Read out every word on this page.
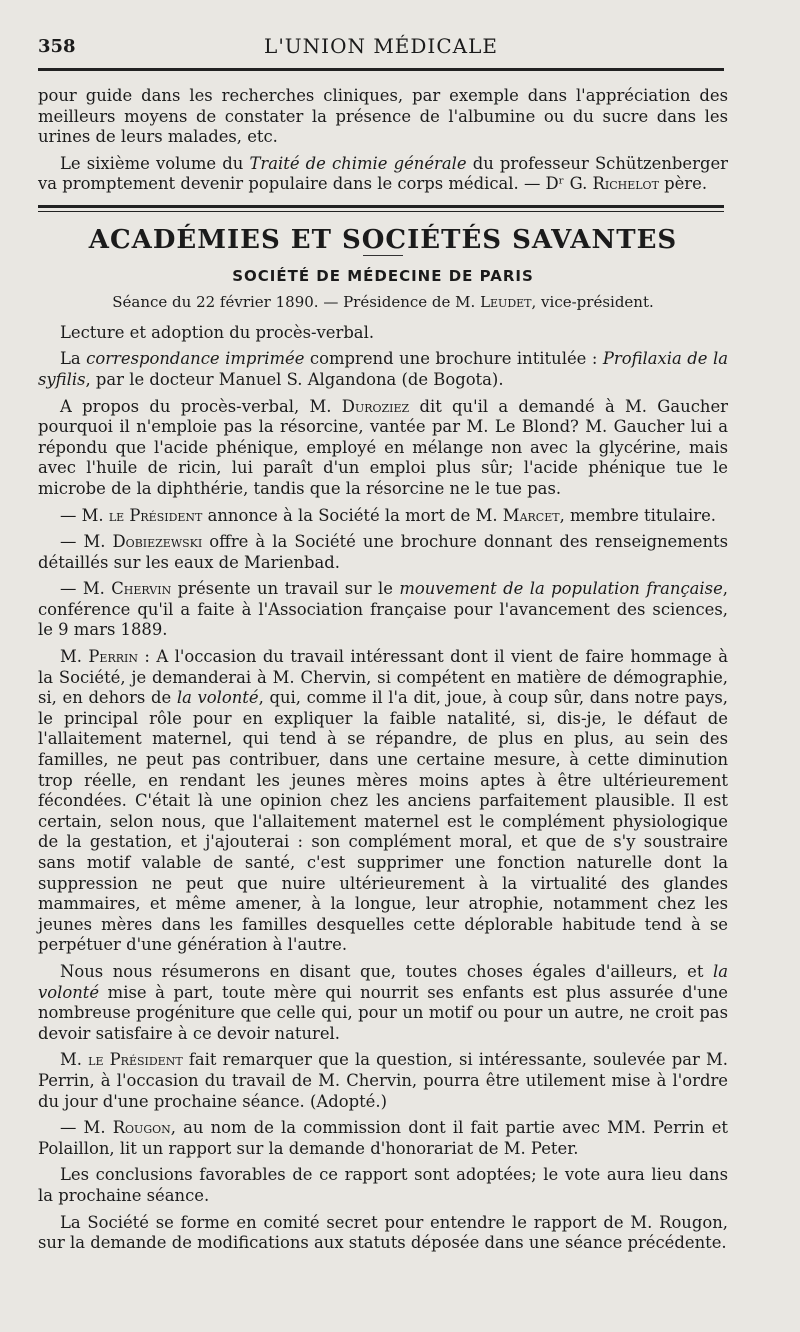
358	L'UNION MÉDICALE

pour guide dans les recherches cliniques, par exemple dans l'appréciation des meilleurs moyens de constater la présence de l'albumine ou du sucre dans les urines de leurs malades, etc.

Le sixième volume du Traité de chimie générale du professeur Schützenberger va promptement devenir populaire dans le corps médical. — Dʳ G. Richelot père.

ACADÉMIES ET SOCIÉTÉS SAVANTES
SOCIÉTÉ DE MÉDECINE DE PARIS
Séance du 22 février 1890. — Présidence de M. Leudet, vice-président.

Lecture et adoption du procès-verbal.

La correspondance imprimée comprend une brochure intitulée : Profilaxia de la syfilis, par le docteur Manuel S. Algandona (de Bogota).

A propos du procès-verbal, M. Duroziez dit qu'il a demandé à M. Gaucher pourquoi il n'emploie pas la résorcine, vantée par M. Le Blond? M. Gaucher lui a répondu que l'acide phénique, employé en mélange non avec la glycérine, mais avec l'huile de ricin, lui paraît d'un emploi plus sûr; l'acide phénique tue le microbe de la diphthérie, tandis que la résorcine ne le tue pas.

— M. le Président annonce à la Société la mort de M. Marcet, membre titulaire.

— M. Dobiezewski offre à la Société une brochure donnant des renseignements détaillés sur les eaux de Marienbad.

— M. Chervin présente un travail sur le mouvement de la population française, conférence qu'il a faite à l'Association française pour l'avancement des sciences, le 9 mars 1889.

M. Perrin : A l'occasion du travail intéressant dont il vient de faire hommage à la Société, je demanderai à M. Chervin, si compétent en matière de démographie, si, en dehors de la volonté, qui, comme il l'a dit, joue, à coup sûr, dans notre pays, le principal rôle pour en expliquer la faible natalité, si, dis-je, le défaut de l'allaitement maternel, qui tend à se répandre, de plus en plus, au sein des familles, ne peut pas contribuer, dans une certaine mesure, à cette diminution trop réelle, en rendant les jeunes mères moins aptes à être ultérieurement fécondées. C'était là une opinion chez les anciens parfaitement plausible. Il est certain, selon nous, que l'allaitement maternel est le complément physiologique de la gestation, et j'ajouterai : son complément moral, et que de s'y soustraire sans motif valable de santé, c'est supprimer une fonction naturelle dont la suppression ne peut que nuire ultérieurement à la virtualité des glandes mammaires, et même amener, à la longue, leur atrophie, notamment chez les jeunes mères dans les familles desquelles cette déplorable habitude tend à se perpétuer d'une génération à l'autre.

Nous nous résumerons en disant que, toutes choses égales d'ailleurs, et la volonté mise à part, toute mère qui nourrit ses enfants est plus assurée d'une nombreuse progéniture que celle qui, pour un motif ou pour un autre, ne croit pas devoir satisfaire à ce devoir naturel.

M. le Président fait remarquer que la question, si intéressante, soulevée par M. Perrin, à l'occasion du travail de M. Chervin, pourra être utilement mise à l'ordre du jour d'une prochaine séance. (Adopté.)

— M. Rougon, au nom de la commission dont il fait partie avec MM. Perrin et Polaillon, lit un rapport sur la demande d'honorariat de M. Peter.

Les conclusions favorables de ce rapport sont adoptées; le vote aura lieu dans la prochaine séance.

La Société se forme en comité secret pour entendre le rapport de M. Rougon, sur la demande de modifications aux statuts déposée dans une séance précédente.
